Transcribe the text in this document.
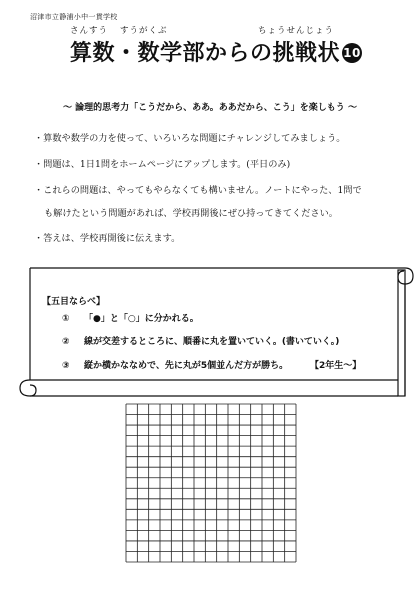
沼津市立静浦小中一貫学校
さんすう すうがくぶ	ちょうせんじょう
算数・数学部からの挑戦状 10
～ 論理的思考力「こうだから、ああ。ああだから、こう」を楽しもう ～
・算数や数学の力を使って、いろいろな問題にチャレンジしてみましょう。
・問題は、1日1問をホームページにアップします。(平日のみ)
・これらの問題は、やってもやらなくても構いません。ノートにやった、1問で
も解けたという問題があれば、学校再開後にぜひ持ってきてください。
・答えは、学校再開後に伝えます。
【五目ならべ】
① 「●」と「○」に分かれる。
② 線が交差するところに、順番に丸を置いていく。(書いていく。)
③ 縦か横かななめで、先に丸が5個並んだ方が勝ち。 【2年生～】
